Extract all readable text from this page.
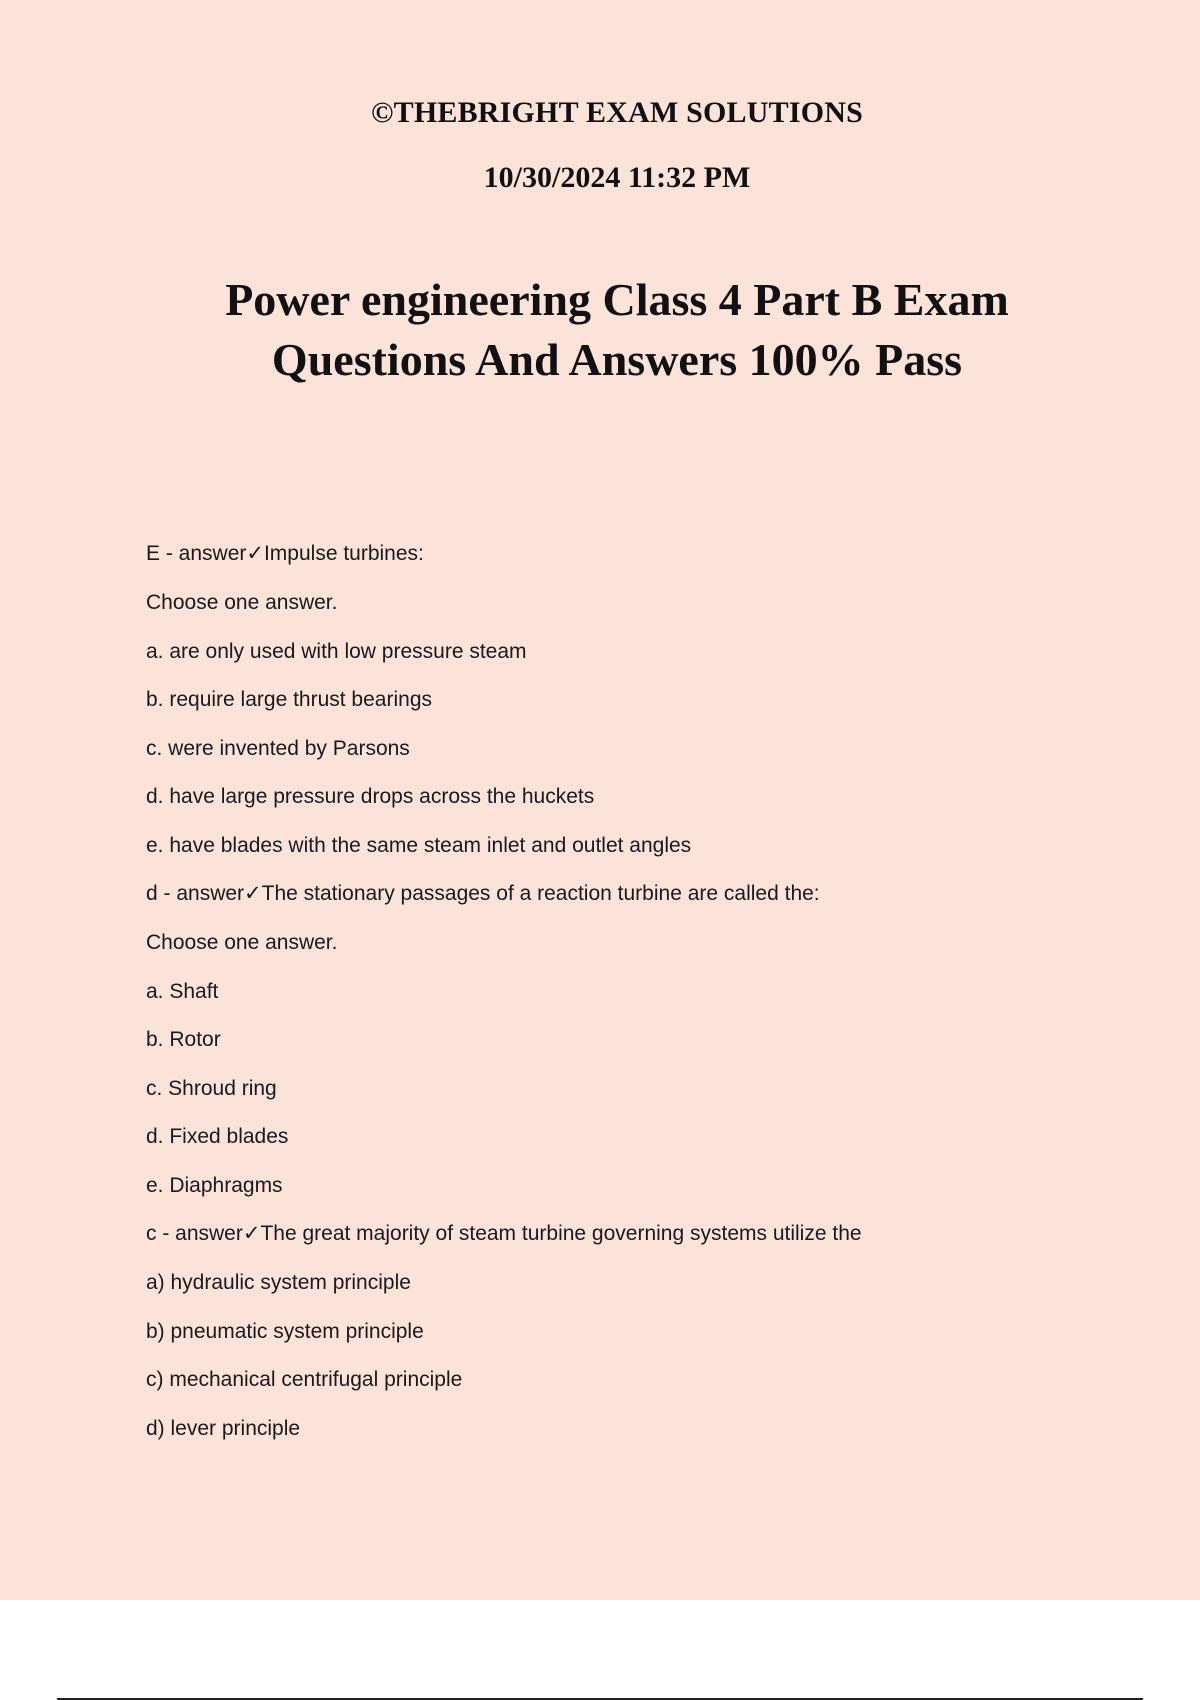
©THEBRIGHT EXAM SOLUTIONS

10/30/2024 11:32 PM

Power engineering Class 4 Part B Exam
Questions And Answers 100% Pass
E - answer✓Impulse turbines:
Choose one answer.
a. are only used with low pressure steam
b. require large thrust bearings
c. were invented by Parsons
d. have large pressure drops across the huckets
e. have blades with the same steam inlet and outlet angles
d - answer✓The stationary passages of a reaction turbine are called the:
Choose one answer.
a. Shaft
b. Rotor
c. Shroud ring
d. Fixed blades
e. Diaphragms
c - answer✓The great majority of steam turbine governing systems utilize the
a) hydraulic system principle
b) pneumatic system principle
c) mechanical centrifugal principle
d) lever principle
